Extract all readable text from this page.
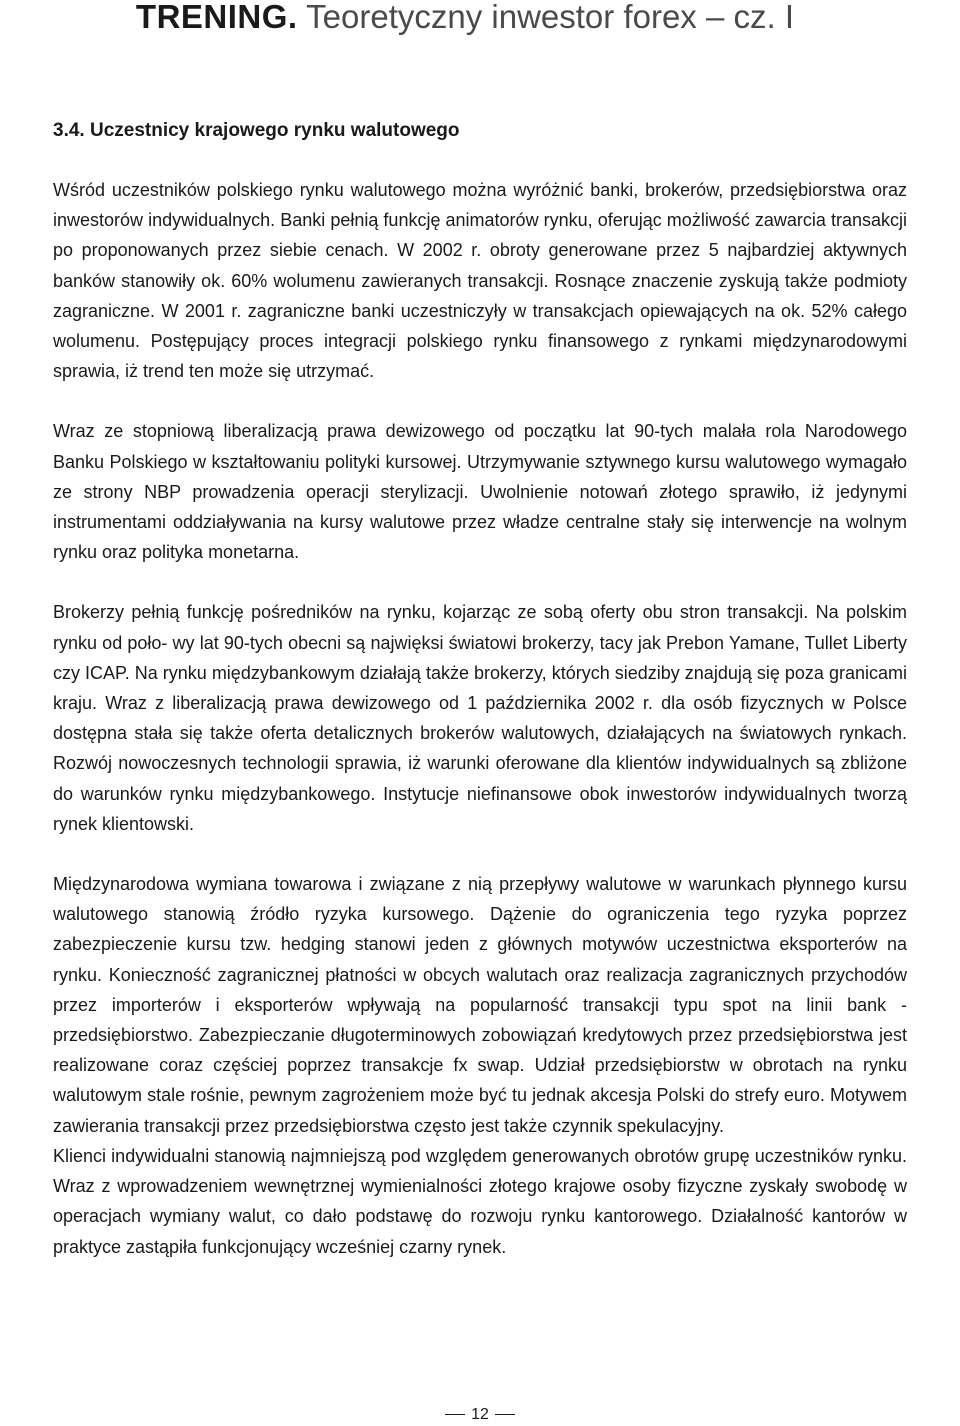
TRENING. Teoretyczny inwestor forex – cz. I
3.4. Uczestnicy krajowego rynku walutowego

Wśród uczestników polskiego rynku walutowego można wyróżnić banki, brokerów, przedsiębiorstwa oraz inwestorów indywidualnych. Banki pełnią funkcję animatorów rynku, oferując możliwość zawarcia transakcji po proponowanych przez siebie cenach. W 2002 r. obroty generowane przez 5 najbardziej aktywnych banków stanowiły ok. 60% wolumenu zawieranych transakcji. Rosnące znaczenie zyskują także podmioty zagraniczne. W 2001 r. zagraniczne banki uczestniczyły w transakcjach opiewających na ok. 52% całego wolumenu. Postępujący proces integracji polskiego rynku finansowego z rynkami międzynarodowymi sprawia, iż trend ten może się utrzymać.

Wraz ze stopniową liberalizacją prawa dewizowego od początku lat 90-tych malała rola Narodowego Banku Polskiego w kształtowaniu polityki kursowej. Utrzymywanie sztywnego kursu walutowego wymagało ze strony NBP prowadzenia operacji sterylizacji. Uwolnienie notowań złotego sprawiło, iż jedynymi instrumentami oddziaływania na kursy walutowe przez władze centralne stały się interwencje na wolnym rynku oraz polityka monetarna.

Brokerzy pełnią funkcję pośredników na rynku, kojarząc ze sobą oferty obu stron transakcji. Na polskim rynku od poło- wy lat 90-tych obecni są najwięksi światowi brokerzy, tacy jak Prebon Yamane, Tullet Liberty czy ICAP. Na rynku międzybankowym działają także brokerzy, których siedziby znajdują się poza granicami kraju. Wraz z liberalizacją prawa dewizowego od 1 października 2002 r. dla osób fizycznych w Polsce dostępna stała się także oferta detalicznych brokerów walutowych, działających na światowych rynkach. Rozwój nowoczesnych technologii sprawia, iż warunki oferowane dla klientów indywidualnych są zbliżone do warunków rynku międzybankowego. Instytucje niefinansowe obok inwestorów indywidualnych tworzą rynek klientowski.

Międzynarodowa wymiana towarowa i związane z nią przepływy walutowe w warunkach płynnego kursu walutowego stanowią źródło ryzyka kursowego. Dążenie do ograniczenia tego ryzyka poprzez zabezpieczenie kursu tzw. hedging stanowi jeden z głównych motywów uczestnictwa eksporterów na rynku. Konieczność zagranicznej płatności w obcych walutach oraz realizacja zagranicznych przychodów przez importerów i eksporterów wpływają na popularność transakcji typu spot na linii bank - przedsiębiorstwo. Zabezpieczanie długoterminowych zobowiązań kredytowych przez przedsiębiorstwa jest realizowane coraz częściej poprzez transakcje fx swap. Udział przedsiębiorstw w obrotach na rynku walutowym stale rośnie, pewnym zagrożeniem może być tu jednak akcesja Polski do strefy euro. Motywem zawierania transakcji przez przedsiębiorstwa często jest także czynnik spekulacyjny.

Klienci indywidualni stanowią najmniejszą pod względem generowanych obrotów grupę uczestników rynku. Wraz z wprowadzeniem wewnętrznej wymienialności złotego krajowe osoby fizyczne zyskały swobodę w operacjach wymiany walut, co dało podstawę do rozwoju rynku kantorowego. Działalność kantorów w praktyce zastąpiła funkcjonujący wcześniej czarny rynek.

12
